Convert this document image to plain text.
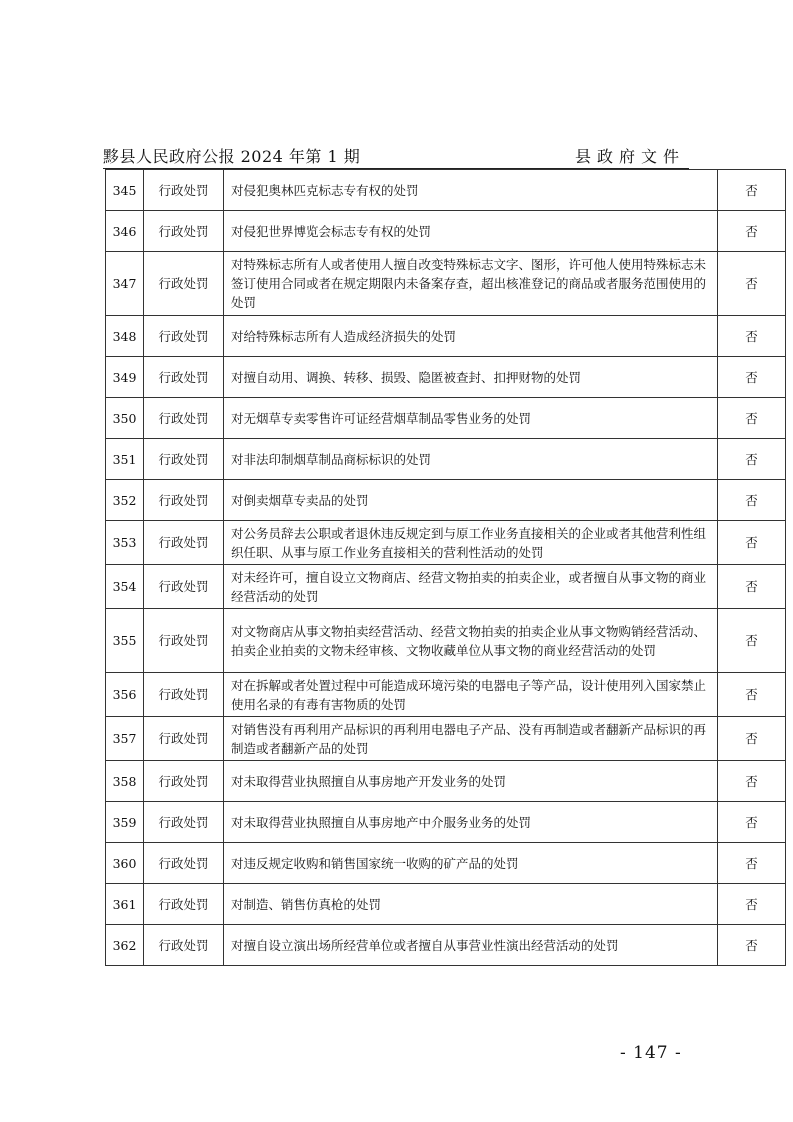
黟县人民政府公报 2024 年第 1 期	县政府文件
345	行政处罚	对侵犯奥林匹克标志专有权的处罚	否
346	行政处罚	对侵犯世界博览会标志专有权的处罚	否
347	行政处罚	对特殊标志所有人或者使用人擅自改变特殊标志文字、图形，许可他人使用特殊标志未签订使用合同或者在规定期限内未备案存查，超出核准登记的商品或者服务范围使用的处罚	否
348	行政处罚	对给特殊标志所有人造成经济损失的处罚	否
349	行政处罚	对擅自动用、调换、转移、损毁、隐匿被查封、扣押财物的处罚	否
350	行政处罚	对无烟草专卖零售许可证经营烟草制品零售业务的处罚	否
351	行政处罚	对非法印制烟草制品商标标识的处罚	否
352	行政处罚	对倒卖烟草专卖品的处罚	否
353	行政处罚	对公务员辞去公职或者退休违反规定到与原工作业务直接相关的企业或者其他营利性组织任职、从事与原工作业务直接相关的营利性活动的处罚	否
354	行政处罚	对未经许可，擅自设立文物商店、经营文物拍卖的拍卖企业，或者擅自从事文物的商业经营活动的处罚	否
355	行政处罚	对文物商店从事文物拍卖经营活动、经营文物拍卖的拍卖企业从事文物购销经营活动、拍卖企业拍卖的文物未经审核、文物收藏单位从事文物的商业经营活动的处罚	否
356	行政处罚	对在拆解或者处置过程中可能造成环境污染的电器电子等产品，设计使用列入国家禁止使用名录的有毒有害物质的处罚	否
357	行政处罚	对销售没有再利用产品标识的再利用电器电子产品、没有再制造或者翻新产品标识的再制造或者翻新产品的处罚	否
358	行政处罚	对未取得营业执照擅自从事房地产开发业务的处罚	否
359	行政处罚	对未取得营业执照擅自从事房地产中介服务业务的处罚	否
360	行政处罚	对违反规定收购和销售国家统一收购的矿产品的处罚	否
361	行政处罚	对制造、销售仿真枪的处罚	否
362	行政处罚	对擅自设立演出场所经营单位或者擅自从事营业性演出经营活动的处罚	否
- 147 -
